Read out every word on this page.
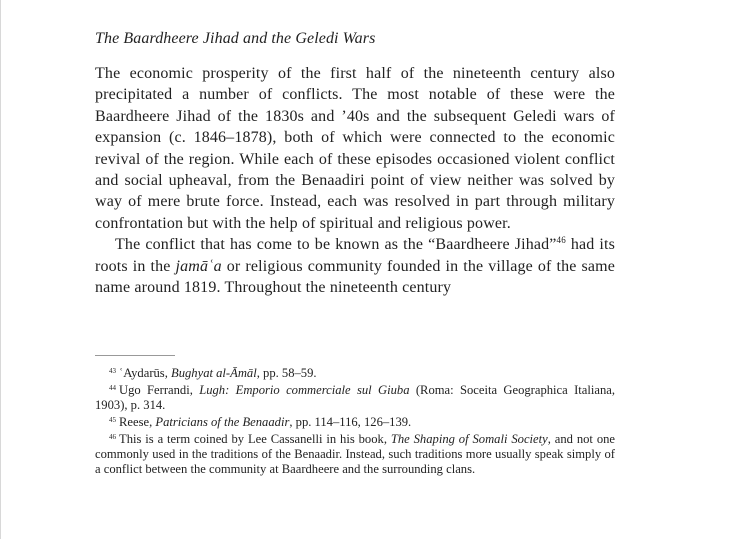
The Baardheere Jihad and the Geledi Wars

The economic prosperity of the first half of the nineteenth century also precipitated a number of conflicts. The most notable of these were the Baardheere Jihad of the 1830s and ’40s and the subsequent Geledi wars of expansion (c. 1846–1878), both of which were connected to the economic revival of the region. While each of these episodes occasioned violent conflict and social upheaval, from the Benaadiri point of view neither was solved by way of mere brute force. Instead, each was resolved in part through military confrontation but with the help of spiritual and religious power.

The conflict that has come to be known as the “Baardheere Jihad”$^{46}$ had its roots in the jamāʿa or religious community founded in the village of the same name around 1819. Throughout the nineteenth century

$^{43}$ ʿAydarūs, Bughyat al-Āmāl, pp. 58–59.

$^{44}$ Ugo Ferrandi, Lugh: Emporio commerciale sul Giuba (Roma: Soceita Geographica Italiana, 1903), p. 314.

$^{45}$ Reese, Patricians of the Benaadir, pp. 114–116, 126–139.

$^{46}$ This is a term coined by Lee Cassanelli in his book, The Shaping of Somali Society, and not one commonly used in the traditions of the Benaadir. Instead, such traditions more usually speak simply of a conflict between the community at Baardheere and the surrounding clans.
